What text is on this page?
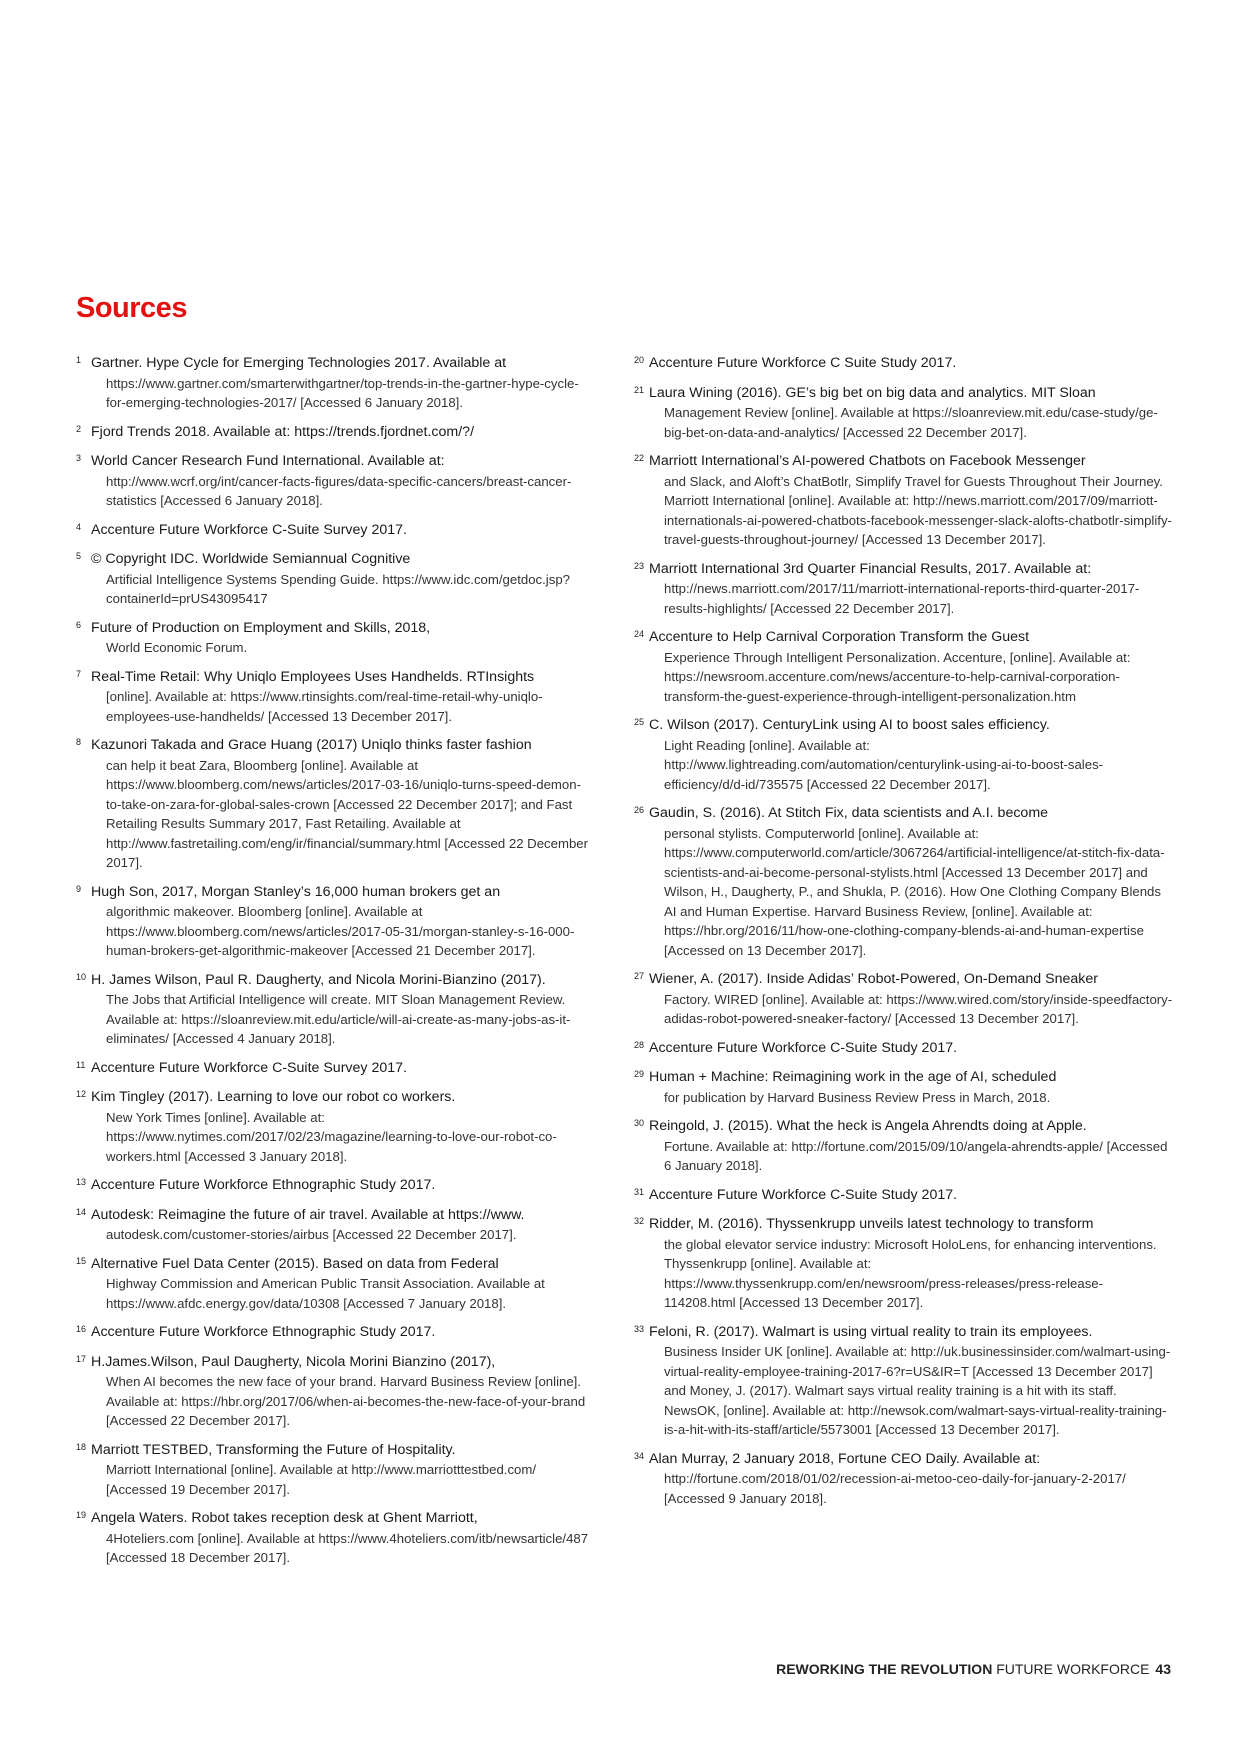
Sources
1 Gartner. Hype Cycle for Emerging Technologies 2017. Available at
https://www.gartner.com/smarterwithgartner/top-trends-in-the-gartner-hype-cycle-for-emerging-technologies-2017/ [Accessed 6 January 2018].
2 Fjord Trends 2018. Available at: https://trends.fjordnet.com/?/
3 World Cancer Research Fund International. Available at:
http://www.wcrf.org/int/cancer-facts-figures/data-specific-cancers/breast-cancer-statistics [Accessed 6 January 2018].
4 Accenture Future Workforce C-Suite Survey 2017.
5 © Copyright IDC. Worldwide Semiannual Cognitive
Artificial Intelligence Systems Spending Guide. https://www.idc.com/getdoc.jsp?containerId=prUS43095417
6 Future of Production on Employment and Skills, 2018,
World Economic Forum.
7 Real-Time Retail: Why Uniqlo Employees Uses Handhelds. RTInsights
[online]. Available at: https://www.rtinsights.com/real-time-retail-why-uniqlo-employees-use-handhelds/ [Accessed 13 December 2017].
8 Kazunori Takada and Grace Huang (2017) Uniqlo thinks faster fashion
can help it beat Zara, Bloomberg [online]. Available at https://www.bloomberg.com/news/articles/2017-03-16/uniqlo-turns-speed-demon-to-take-on-zara-for-global-sales-crown [Accessed 22 December 2017]; and Fast Retailing Results Summary 2017, Fast Retailing. Available at http://www.fastretailing.com/eng/ir/financial/summary.html [Accessed 22 December 2017].
9 Hugh Son, 2017, Morgan Stanley’s 16,000 human brokers get an
algorithmic makeover. Bloomberg [online]. Available at https://www.bloomberg.com/news/articles/2017-05-31/morgan-stanley-s-16-000-human-brokers-get-algorithmic-makeover [Accessed 21 December 2017].
10 H. James Wilson, Paul R. Daugherty, and Nicola Morini-Bianzino (2017).
The Jobs that Artificial Intelligence will create. MIT Sloan Management Review. Available at: https://sloanreview.mit.edu/article/will-ai-create-as-many-jobs-as-it-eliminates/ [Accessed 4 January 2018].
11 Accenture Future Workforce C-Suite Survey 2017.
12 Kim Tingley (2017). Learning to love our robot co workers.
New York Times [online]. Available at: https://www.nytimes.com/2017/02/23/magazine/learning-to-love-our-robot-co-workers.html [Accessed 3 January 2018].
13 Accenture Future Workforce Ethnographic Study 2017.
14 Autodesk: Reimagine the future of air travel. Available at https://www.
autodesk.com/customer-stories/airbus [Accessed 22 December 2017].
15 Alternative Fuel Data Center (2015). Based on data from Federal
Highway Commission and American Public Transit Association. Available at https://www.afdc.energy.gov/data/10308 [Accessed 7 January 2018].
16 Accenture Future Workforce Ethnographic Study 2017.
17 H.James.Wilson, Paul Daugherty, Nicola Morini Bianzino (2017),
When AI becomes the new face of your brand. Harvard Business Review [online]. Available at: https://hbr.org/2017/06/when-ai-becomes-the-new-face-of-your-brand [Accessed 22 December 2017].
18 Marriott TESTBED, Transforming the Future of Hospitality.
Marriott International [online]. Available at http://www.marriotttestbed.com/ [Accessed 19 December 2017].
19 Angela Waters. Robot takes reception desk at Ghent Marriott,
4Hoteliers.com [online]. Available at https://www.4hoteliers.com/itb/newsarticle/487 [Accessed 18 December 2017].
20 Accenture Future Workforce C Suite Study 2017.
21 Laura Wining (2016). GE’s big bet on big data and analytics. MIT Sloan
Management Review [online]. Available at https://sloanreview.mit.edu/case-study/ge-big-bet-on-data-and-analytics/ [Accessed 22 December 2017].
22 Marriott International’s AI-powered Chatbots on Facebook Messenger
and Slack, and Aloft’s ChatBotlr, Simplify Travel for Guests Throughout Their Journey. Marriott International [online]. Available at: http://news.marriott.com/2017/09/marriott-internationals-ai-powered-chatbots-facebook-messenger-slack-alofts-chatbotlr-simplify-travel-guests-throughout-journey/ [Accessed 13 December 2017].
23 Marriott International 3rd Quarter Financial Results, 2017. Available at:
http://news.marriott.com/2017/11/marriott-international-reports-third-quarter-2017-results-highlights/ [Accessed 22 December 2017].
24 Accenture to Help Carnival Corporation Transform the Guest
Experience Through Intelligent Personalization. Accenture, [online]. Available at: https://newsroom.accenture.com/news/accenture-to-help-carnival-corporation-transform-the-guest-experience-through-intelligent-personalization.htm
25 C. Wilson (2017). CenturyLink using AI to boost sales efficiency.
Light Reading [online]. Available at: http://www.lightreading.com/automation/centurylink-using-ai-to-boost-sales-efficiency/d/d-id/735575 [Accessed 22 December 2017].
26 Gaudin, S. (2016). At Stitch Fix, data scientists and A.I. become
personal stylists. Computerworld [online]. Available at: https://www.computerworld.com/article/3067264/artificial-intelligence/at-stitch-fix-data-scientists-and-ai-become-personal-stylists.html [Accessed 13 December 2017] and Wilson, H., Daugherty, P., and Shukla, P. (2016). How One Clothing Company Blends AI and Human Expertise. Harvard Business Review, [online]. Available at: https://hbr.org/2016/11/how-one-clothing-company-blends-ai-and-human-expertise [Accessed on 13 December 2017].
27 Wiener, A. (2017). Inside Adidas’ Robot-Powered, On-Demand Sneaker
Factory. WIRED [online]. Available at: https://www.wired.com/story/inside-speedfactory-adidas-robot-powered-sneaker-factory/ [Accessed 13 December 2017].
28 Accenture Future Workforce C-Suite Study 2017.
29 Human + Machine: Reimagining work in the age of AI, scheduled
for publication by Harvard Business Review Press in March, 2018.
30 Reingold, J. (2015). What the heck is Angela Ahrendts doing at Apple.
Fortune. Available at: http://fortune.com/2015/09/10/angela-ahrendts-apple/ [Accessed 6 January 2018].
31 Accenture Future Workforce C-Suite Study 2017.
32 Ridder, M. (2016). Thyssenkrupp unveils latest technology to transform
the global elevator service industry: Microsoft HoloLens, for enhancing interventions. Thyssenkrupp [online]. Available at: https://www.thyssenkrupp.com/en/newsroom/press-releases/press-release-114208.html [Accessed 13 December 2017].
33 Feloni, R. (2017). Walmart is using virtual reality to train its employees.
Business Insider UK [online]. Available at: http://uk.businessinsider.com/walmart-using-virtual-reality-employee-training-2017-6?r=US&IR=T [Accessed 13 December 2017] and Money, J. (2017). Walmart says virtual reality training is a hit with its staff. NewsOK, [online]. Available at: http://newsok.com/walmart-says-virtual-reality-training-is-a-hit-with-its-staff/article/5573001 [Accessed 13 December 2017].
34 Alan Murray, 2 January 2018, Fortune CEO Daily. Available at:
http://fortune.com/2018/01/02/recession-ai-metoo-ceo-daily-for-january-2-2017/ [Accessed 9 January 2018].
REWORKING THE REVOLUTION FUTURE WORKFORCE 43
